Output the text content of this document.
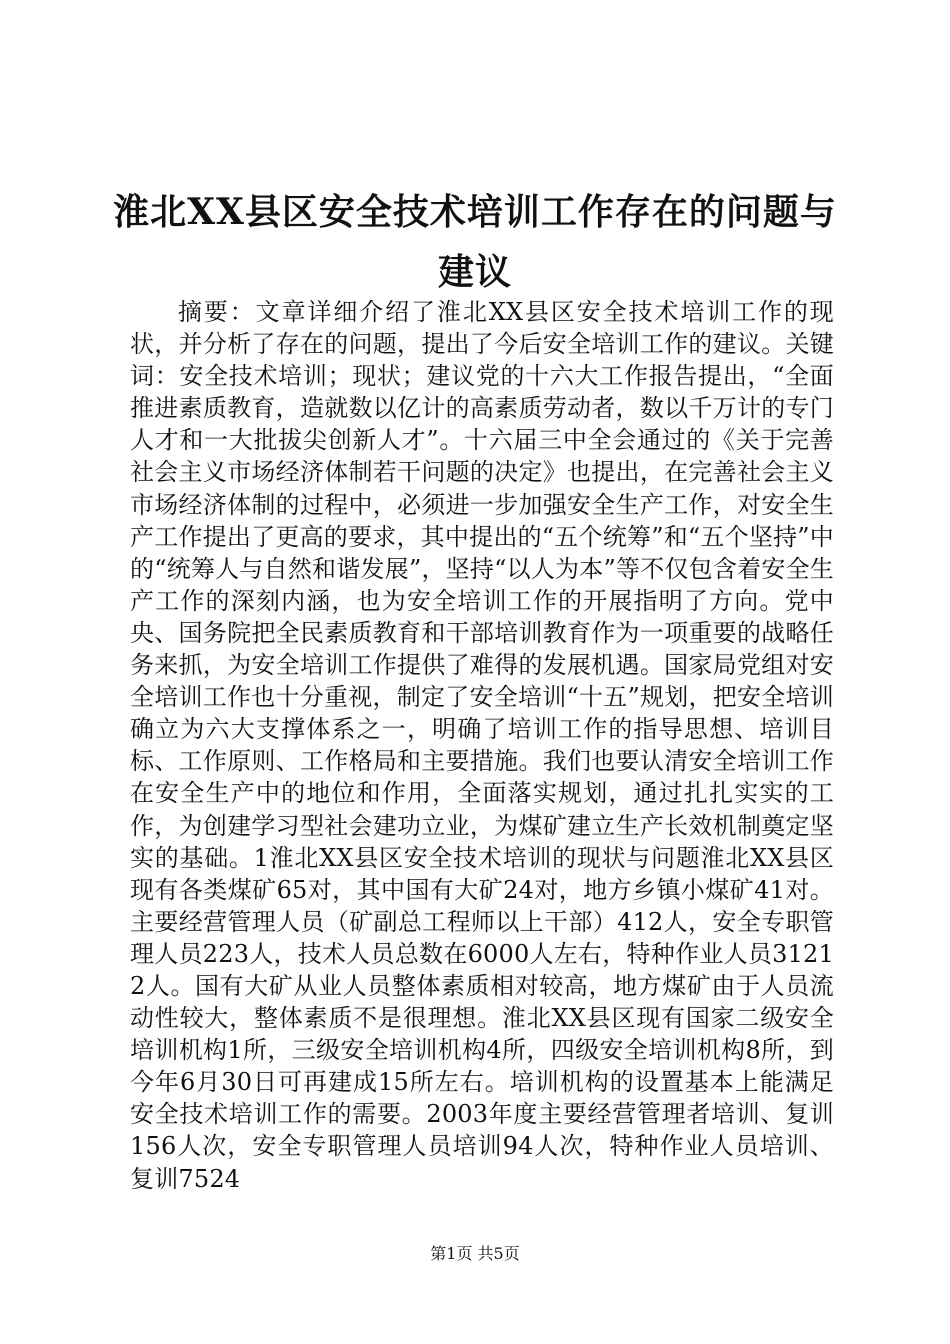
淮北XX县区安全技术培训工作存在的问题与建议

摘要：文章详细介绍了淮北XX县区安全技术培训工作的现状，并分析了存在的问题，提出了今后安全培训工作的建议。关键词：安全技术培训；现状；建议党的十六大工作报告提出，“全面推进素质教育，造就数以亿计的高素质劳动者，数以千万计的专门人才和一大批拔尖创新人才”。十六届三中全会通过的《关于完善社会主义市场经济体制若干问题的决定》也提出，在完善社会主义市场经济体制的过程中，必须进一步加强安全生产工作，对安全生产工作提出了更高的要求，其中提出的“五个统筹”和“五个坚持”中的“统筹人与自然和谐发展”，坚持“以人为本”等不仅包含着安全生产工作的深刻内涵，也为安全培训工作的开展指明了方向。党中央、国务院把全民素质教育和干部培训教育作为一项重要的战略任务来抓，为安全培训工作提供了难得的发展机遇。国家局党组对安全培训工作也十分重视，制定了安全培训“十五”规划，把安全培训确立为六大支撑体系之一，明确了培训工作的指导思想、培训目标、工作原则、工作格局和主要措施。我们也要认清安全培训工作在安全生产中的地位和作用，全面落实规划，通过扎扎实实的工作，为创建学习型社会建功立业，为煤矿建立生产长效机制奠定坚实的基础。1淮北XX县区安全技术培训的现状与问题淮北XX县区现有各类煤矿65对，其中国有大矿24对，地方乡镇小煤矿41对。主要经营管理人员（矿副总工程师以上干部）412人，安全专职管理人员223人，技术人员总数在6000人左右，特种作业人员31212人。国有大矿从业人员整体素质相对较高，地方煤矿由于人员流动性较大，整体素质不是很理想。淮北XX县区现有国家二级安全培训机构1所，三级安全培训机构4所，四级安全培训机构8所，到今年6月30日可再建成15所左右。培训机构的设置基本上能满足安全技术培训工作的需要。2003年度主要经营管理者培训、复训156人次，安全专职管理人员培训94人次，特种作业人员培训、复训7524

第1页 共5页
